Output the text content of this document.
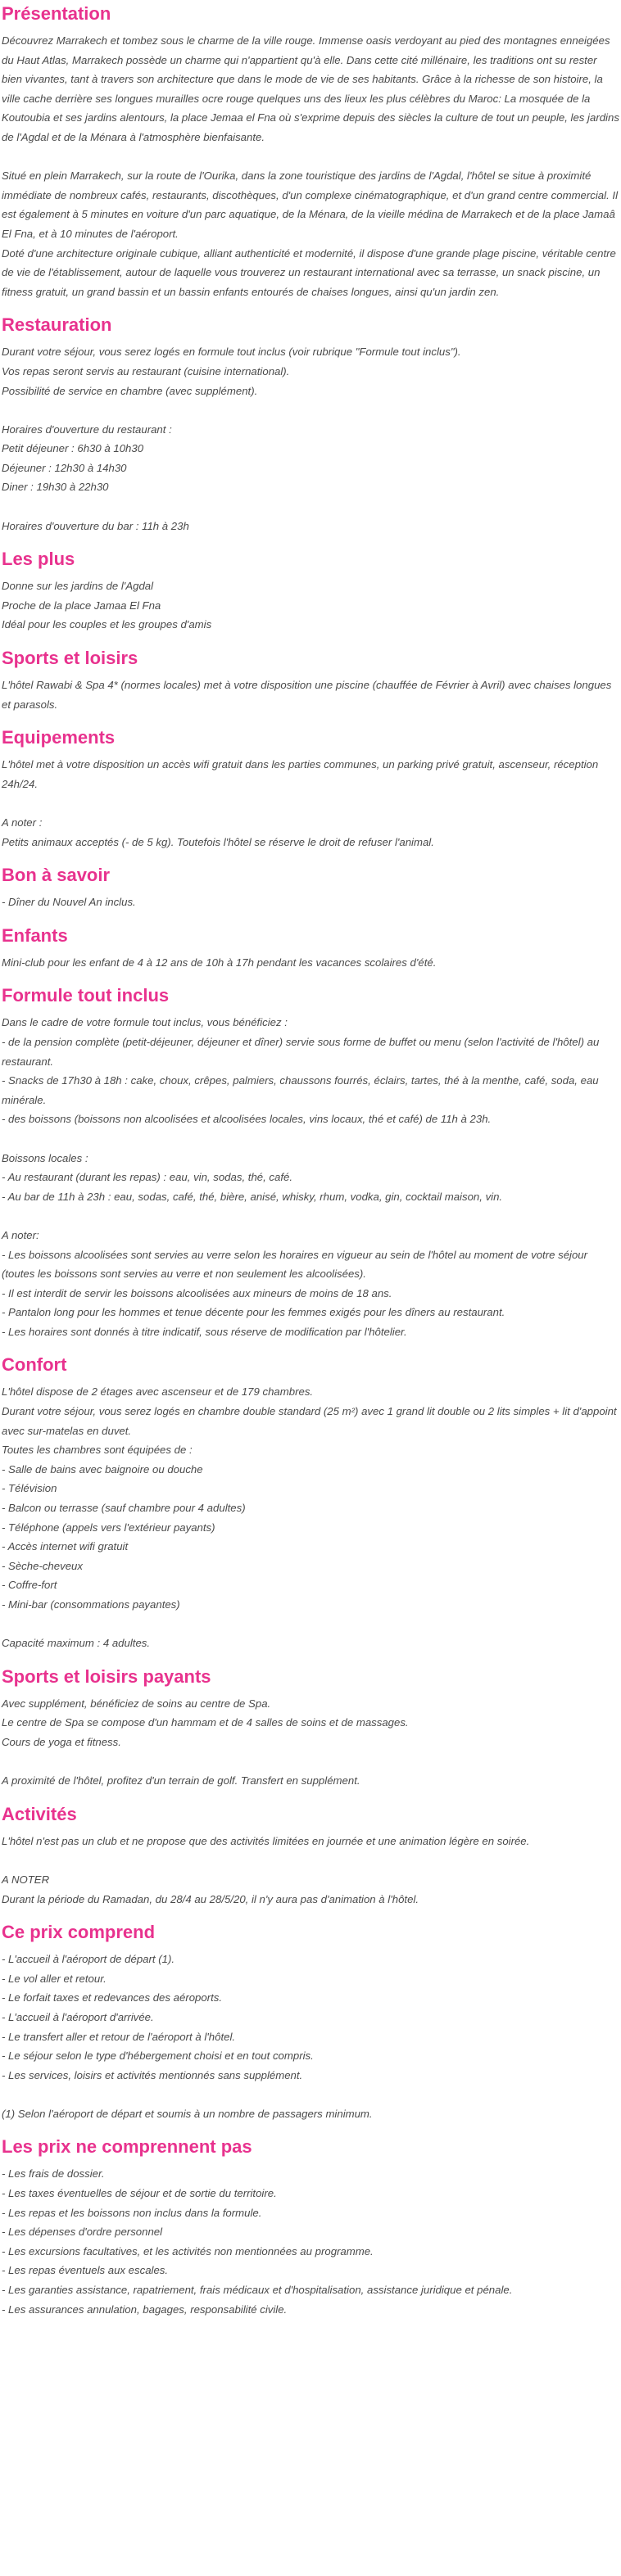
Présentation
Découvrez Marrakech et tombez sous le charme de la ville rouge. Immense oasis verdoyant au pied des montagnes enneigées du Haut Atlas, Marrakech possède un charme qui n'appartient qu'à elle. Dans cette cité millénaire, les traditions ont su rester bien vivantes, tant à travers son architecture que dans le mode de vie de ses habitants. Grâce à la richesse de son histoire, la ville cache derrière ses longues murailles ocre rouge quelques uns des lieux les plus célèbres du Maroc: La mosquée de la Koutoubia et ses jardins alentours, la place Jemaa el Fna où s'exprime depuis des siècles la culture de tout un peuple, les jardins de l'Agdal et de la Ménara à l'atmosphère bienfaisante.
Situé en plein Marrakech, sur la route de l'Ourika, dans la zone touristique des jardins de l'Agdal, l'hôtel se situe à proximité immédiate de nombreux cafés, restaurants, discothèques, d'un complexe cinématographique, et d'un grand centre commercial. Il est également à 5 minutes en voiture d'un parc aquatique, de la Ménara, de la vieille médina de Marrakech et de la place Jamaâ El Fna, et à 10 minutes de l'aéroport.
Doté d'une architecture originale cubique, alliant authenticité et modernité, il dispose d'une grande plage piscine, véritable centre de vie de l'établissement, autour de laquelle vous trouverez un restaurant international avec sa terrasse, un snack piscine, un fitness gratuit, un grand bassin et un bassin enfants entourés de chaises longues, ainsi qu'un jardin zen.
Restauration
Durant votre séjour, vous serez logés en formule tout inclus (voir rubrique "Formule tout inclus").
Vos repas seront servis au restaurant (cuisine international).
Possibilité de service en chambre (avec supplément).
Horaires d'ouverture du restaurant :
Petit déjeuner : 6h30 à 10h30
Déjeuner : 12h30 à 14h30
Diner : 19h30 à 22h30
Horaires d'ouverture du bar : 11h à 23h
Les plus
Donne sur les jardins de l'Agdal
Proche de la place Jamaa El Fna
Idéal pour les couples et les groupes d'amis
Sports et loisirs
L'hôtel Rawabi & Spa 4* (normes locales) met à votre disposition une piscine (chauffée de Février à Avril) avec chaises longues et parasols.
Equipements
L'hôtel met à votre disposition un accès wifi gratuit dans les parties communes, un parking privé gratuit, ascenseur, réception 24h/24.
A noter :
Petits animaux acceptés (- de 5 kg). Toutefois l'hôtel se réserve le droit de refuser l'animal.
Bon à savoir
- Dîner du Nouvel An inclus.
Enfants
Mini-club pour les enfant de 4 à 12 ans de 10h à 17h pendant les vacances scolaires d'été.
Formule tout inclus
Dans le cadre de votre formule tout inclus, vous bénéficiez :
- de la pension complète (petit-déjeuner, déjeuner et dîner) servie sous forme de buffet ou menu (selon l'activité de l'hôtel) au restaurant.
- Snacks de 17h30 à 18h : cake, choux, crêpes, palmiers, chaussons fourrés, éclairs, tartes, thé à la menthe, café, soda, eau minérale.
- des boissons (boissons non alcoolisées et alcoolisées locales, vins locaux, thé et café) de 11h à 23h.
Boissons locales :
- Au restaurant (durant les repas) : eau, vin, sodas, thé, café.
- Au bar de 11h à 23h : eau, sodas, café, thé, bière, anisé, whisky, rhum, vodka, gin, cocktail maison, vin.
A noter:
- Les boissons alcoolisées sont servies au verre selon les horaires en vigueur au sein de l'hôtel au moment de votre séjour (toutes les boissons sont servies au verre et non seulement les alcoolisées).
- Il est interdit de servir les boissons alcoolisées aux mineurs de moins de 18 ans.
- Pantalon long pour les hommes et tenue décente pour les femmes exigés pour les dîners au restaurant.
- Les horaires sont donnés à titre indicatif, sous réserve de modification par l'hôtelier.
Confort
L'hôtel dispose de 2 étages avec ascenseur et de 179 chambres.
Durant votre séjour, vous serez logés en chambre double standard (25 m²) avec 1 grand lit double ou 2 lits simples + lit d'appoint avec sur-matelas en duvet.
Toutes les chambres sont équipées de :
- Salle de bains avec baignoire ou douche
- Télévision
- Balcon ou terrasse (sauf chambre pour 4 adultes)
- Téléphone (appels vers l'extérieur payants)
- Accès internet wifi gratuit
- Sèche-cheveux
- Coffre-fort
- Mini-bar (consommations payantes)
Capacité maximum : 4 adultes.
Sports et loisirs payants
Avec supplément, bénéficiez de soins au centre de Spa.
Le centre de Spa se compose d'un hammam et de 4 salles de soins et de massages.
Cours de yoga et fitness.
A proximité de l'hôtel, profitez d'un terrain de golf. Transfert en supplément.
Activités
L'hôtel n'est pas un club et ne propose que des activités limitées en journée et une animation légère en soirée.
A NOTER
Durant la période du Ramadan, du 28/4 au 28/5/20, il n'y aura pas d'animation à l'hôtel.
Ce prix comprend
- L'accueil à l'aéroport de départ (1).
- Le vol aller et retour.
- Le forfait taxes et redevances des aéroports.
- L'accueil à l'aéroport d'arrivée.
- Le transfert aller et retour de l'aéroport à l'hôtel.
- Le séjour selon le type d'hébergement choisi et en tout compris.
- Les services, loisirs et activités mentionnés sans supplément.
(1) Selon l'aéroport de départ et soumis à un nombre de passagers minimum.
Les prix ne comprennent pas
- Les frais de dossier.
- Les taxes éventuelles de séjour et de sortie du territoire.
- Les repas et les boissons non inclus dans la formule.
- Les dépenses d'ordre personnel
- Les excursions facultatives, et les activités non mentionnées au programme.
- Les repas éventuels aux escales.
- Les garanties assistance, rapatriement, frais médicaux et d'hospitalisation, assistance juridique et pénale.
- Les assurances annulation, bagages, responsabilité civile.
